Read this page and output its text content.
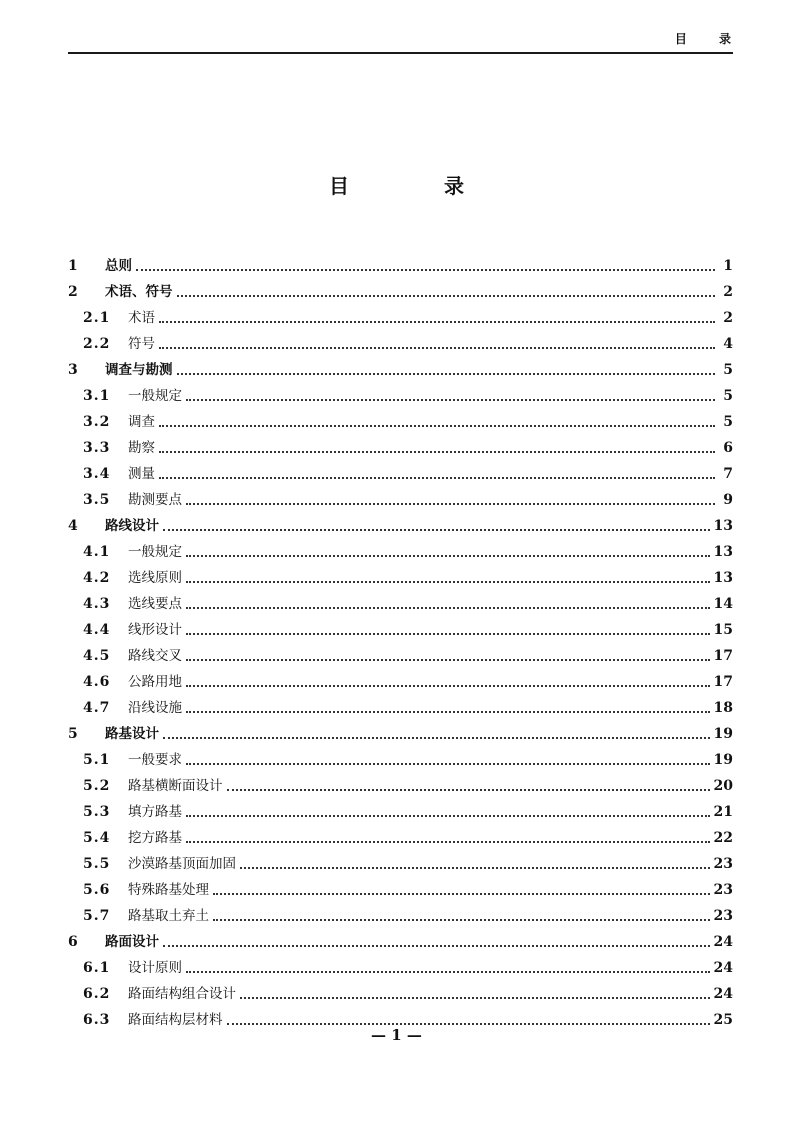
目 录
目 录
1	总则	1
2	术语、符号	2
2.1	术语	2
2.2	符号	4
3	调查与勘测	5
3.1	一般规定	5
3.2	调查	5
3.3	勘察	6
3.4	测量	7
3.5	勘测要点	9
4	路线设计	13
4.1	一般规定	13
4.2	选线原则	13
4.3	选线要点	14
4.4	线形设计	15
4.5	路线交叉	17
4.6	公路用地	17
4.7	沿线设施	18
5	路基设计	19
5.1	一般要求	19
5.2	路基横断面设计	20
5.3	填方路基	21
5.4	挖方路基	22
5.5	沙漠路基顶面加固	23
5.6	特殊路基处理	23
5.7	路基取土弃土	23
6	路面设计	24
6.1	设计原则	24
6.2	路面结构组合设计	24
6.3	路面结构层材料	25
— 1 —
